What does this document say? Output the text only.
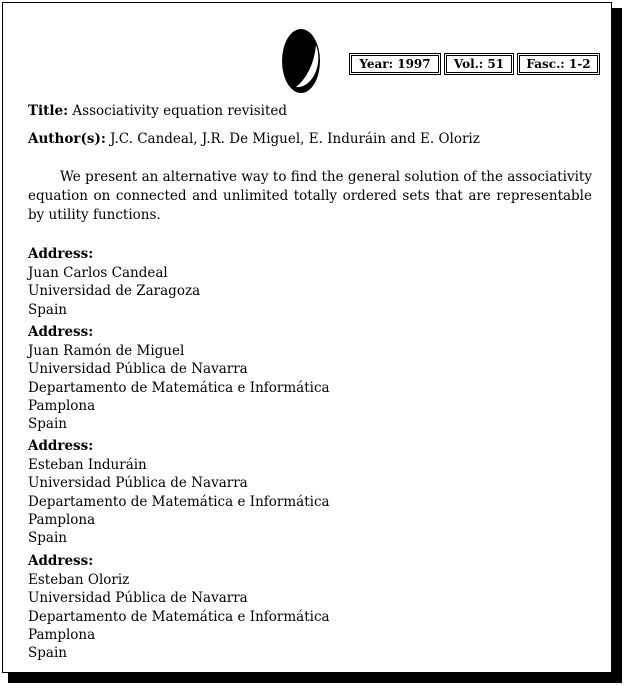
Year: 1997	Vol.: 51	Fasc.: 1-2
Title: Associativity equation revisited
Author(s): J.C. Candeal, J.R. De Miguel, E. Induráin and E. Oloriz

We present an alternative way to find the general solution of the associativity equation on connected and unlimited totally ordered sets that are representable by utility functions.

Address:
Juan Carlos Candeal
Universidad de Zaragoza
Spain
Address:
Juan Ramón de Miguel
Universidad Pública de Navarra
Departamento de Matemática e Informática
Pamplona
Spain
Address:
Esteban Induráin
Universidad Pública de Navarra
Departamento de Matemática e Informática
Pamplona
Spain
Address:
Esteban Oloriz
Universidad Pública de Navarra
Departamento de Matemática e Informática
Pamplona
Spain
